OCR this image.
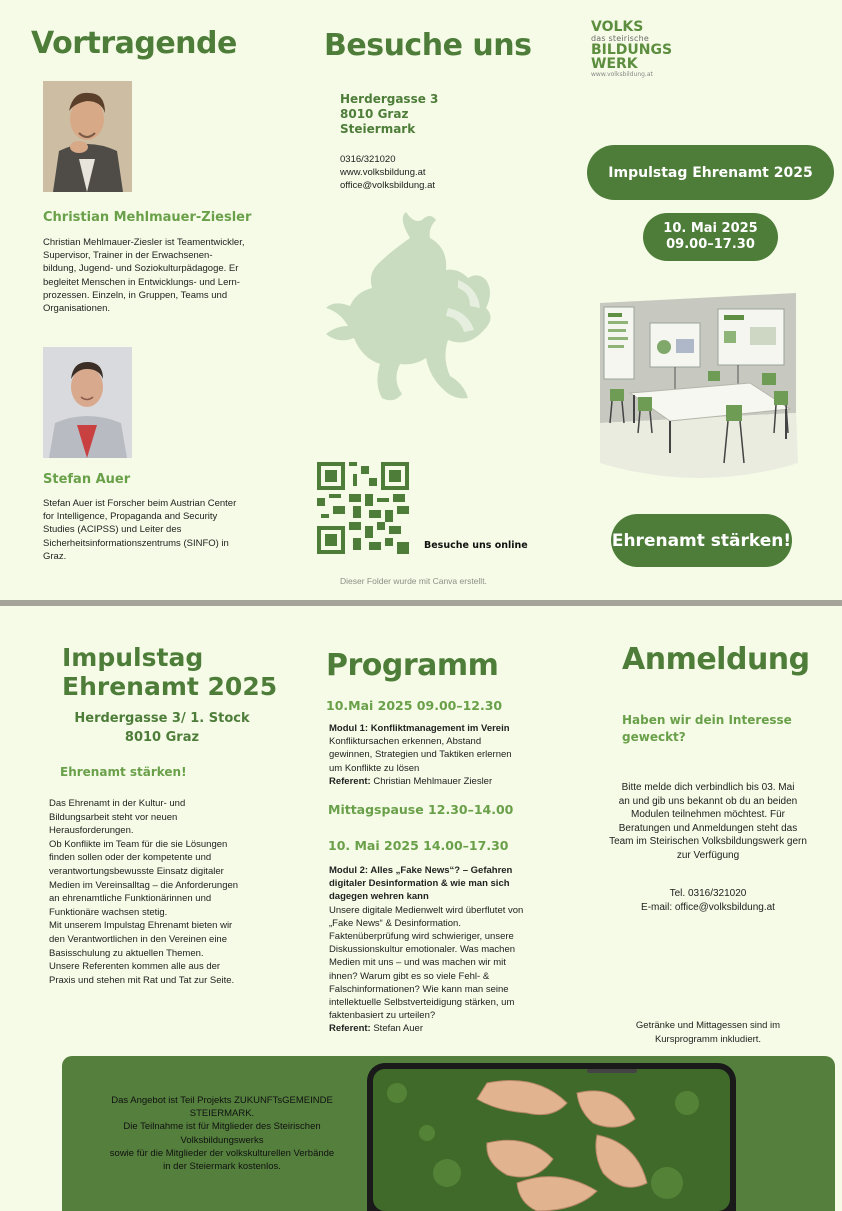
Vortragende
Christian Mehlmauer-Ziesler
Christian Mehlmauer-Ziesler ist Teamentwickler,
Supervisor, Trainer in der Erwachsenen-
bildung, Jugend- und Soziokulturpädagoge. Er
begleitet Menschen in Entwicklungs- und Lern-
prozessen. Einzeln, in Gruppen, Teams und
Organisationen.
Stefan Auer
Stefan Auer ist Forscher beim Austrian Center
for Intelligence, Propaganda and Security
Studies (ACIPSS) und Leiter des
Sicherheitsinformationszentrums (SINFO) in
Graz.
Besuche uns
Herdergasse 3
8010 Graz
Steiermark
0316/321020
www.volksbildung.at
office@volksbildung.at
Besuche uns online
Dieser Folder wurde mit Canva erstellt.
VOLKS
das steirische
BILDUNGS
WERK
www.volksbildung.at
Impulstag Ehrenamt 2025
10. Mai 2025
09.00–17.30
Ehrenamt stärken!
Impulstag
Ehrenamt 2025
Herdergasse 3/ 1. Stock
8010 Graz
Ehrenamt stärken!
Das Ehrenamt in der Kultur- und
Bildungsarbeit steht vor neuen
Herausforderungen.
Ob Konflikte im Team für die sie Lösungen
finden sollen oder der kompetente und
verantwortungsbewusste Einsatz digitaler
Medien im Vereinsalltag – die Anforderungen
an ehrenamtliche Funktionärinnen und
Funktionäre wachsen stetig.
Mit unserem Impulstag Ehrenamt bieten wir
den Verantwortlichen in den Vereinen eine
Basisschulung zu aktuellen Themen.
Unsere Referenten kommen alle aus der
Praxis und stehen mit Rat und Tat zur Seite.
Programm
10.Mai 2025 09.00–12.30
Modul 1: Konfliktmanagement im Verein
Konfliktursachen erkennen, Abstand
gewinnen, Strategien und Taktiken erlernen
um Konflikte zu lösen
Referent: Christian Mehlmauer Ziesler
Mittagspause 12.30–14.00
10. Mai 2025 14.00–17.30
Modul 2: Alles „Fake News“? – Gefahren
digitaler Desinformation & wie man sich
dagegen wehren kann
Unsere digitale Medienwelt wird überflutet von
„Fake News“ & Desinformation.
Faktenüberprüfung wird schwieriger, unsere
Diskussionskultur emotionaler. Was machen
Medien mit uns – und was machen wir mit
ihnen? Warum gibt es so viele Fehl- &
Falschinformationen? Wie kann man seine
intellektuelle Selbstverteidigung stärken, um
faktenbasiert zu urteilen?
Referent: Stefan Auer
Anmeldung
Haben wir dein Interesse
geweckt?
Bitte melde dich verbindlich bis 03. Mai
an und gib uns bekannt ob du an beiden
Modulen teilnehmen möchtest. Für
Beratungen und Anmeldungen steht das
Team im Steirischen Volksbildungswerk gern
zur Verfügung
Tel. 0316/321020
E-mail: office@volksbildung.at
Getränke und Mittagessen sind im
Kursprogramm inkludiert.
Das Angebot ist Teil Projekts ZUKUNFTsGEMEINDE
STEIERMARK.
Die Teilnahme ist für Mitglieder des Steirischen
Volksbildungswerks
sowie für die Mitglieder der volkskulturellen Verbände
in der Steiermark kostenlos.
